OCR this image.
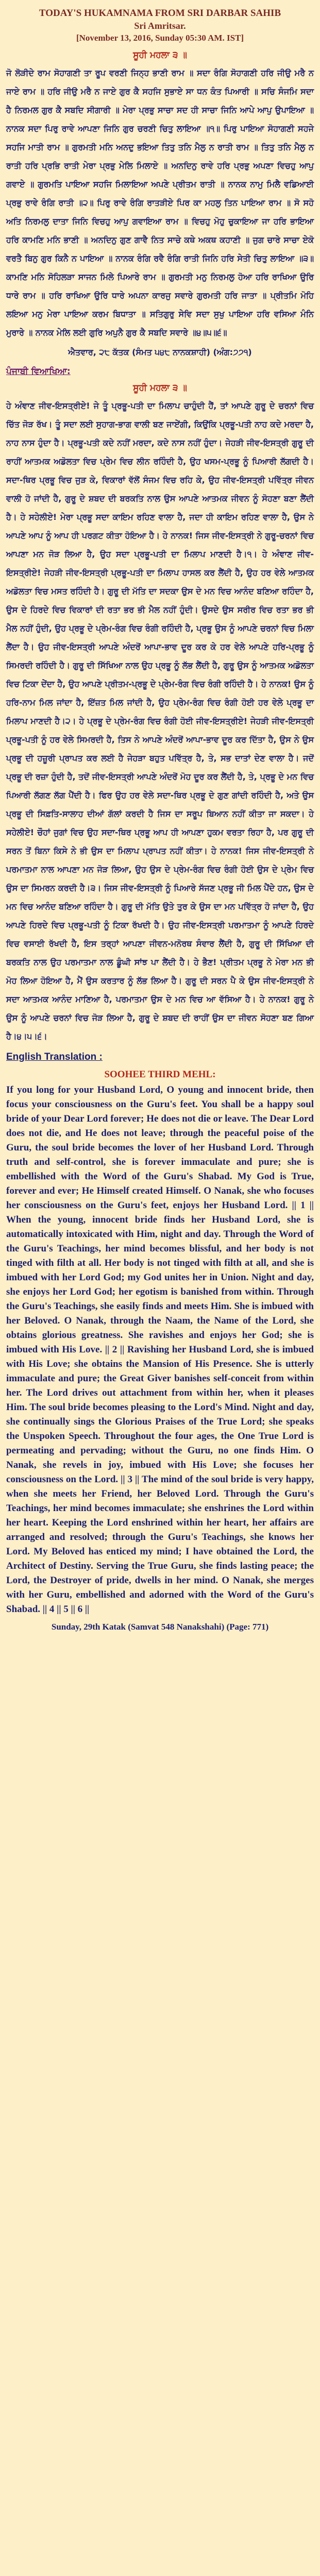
TODAY'S HUKAMNAMA FROM SRI DARBAR SAHIB

Sri Amritsar.

[November 13, 2016, Sunday 05:30 AM. IST]

ਸੂਹੀ ਮਹਲਾ ੩ ॥

ਜੋ ਲੋੜੀਦੇ ਰਾਮ ਸੋਹਾਗਣੀ ਤਾ ਰੂਪ ਵਰਣੀ ਜਿਨ੍ਹ ਭਾਣੀ ਰਾਮ ॥ ਸਦਾ ਰੰਗਿ ਸੋਹਾਗਣੀ ਹਰਿ ਜੀਉ ਮਰੈ ਨ ਜਾਏ ਰਾਮ ॥ ਹਰਿ ਜੀਉ ਮਰੈ ਨ ਜਾਏ ਗੁਰ ਕੈ ਸਹਜਿ ਸੁਭਾਏ ਸਾ ਧਨ ਕੰਤ ਪਿਆਰੀ ॥ ਸਚਿ ਸੰਜਮਿ ਸਦਾ ਹੈ ਨਿਰਮਲ ਗੁਰ ਕੈ ਸਬਦਿ ਸੀਗਾਰੀ ॥ ਮੇਰਾ ਪ੍ਰਭੁ ਸਾਚਾ ਸਦ ਹੀ ਸਾਚਾ ਜਿਨਿ ਆਪੇ ਆਪੁ ਉਪਾਇਆ ॥ ਨਾਨਕ ਸਦਾ ਪਿਰੁ ਰਾਵੇ ਆਪਣਾ ਜਿਨਿ ਗੁਰ ਚਰਣੀ ਚਿਤੁ ਲਾਇਆ ॥੧॥ ਪਿਰੁ ਪਾਇਆ ਸੋਹਾਗਣੀ ਸਹਜੇ ਸਹਜਿ ਮਾਤੀ ਰਾਮ ॥ ਗੁਰਮਤੀ ਮਨਿ ਅਨਦੁ ਭਇਆ ਤਿਤੁ ਤਨਿ ਮੈਲੁ ਨ ਰਾਤੀ ਰਾਮ ॥ ਤਿਤੁ ਤਨਿ ਮੈਲੁ ਨ ਰਾਤੀ ਹਰਿ ਪ੍ਰਭਿ ਰਾਤੀ ਮੇਰਾ ਪ੍ਰਭੁ ਮੇਲਿ ਮਿਲਾਏ ॥ ਅਨਦਿਨੁ ਰਾਵੇ ਹਰਿ ਪ੍ਰਭੁ ਅਪਣਾ ਵਿਚਹੁ ਆਪੁ ਗਵਾਏ ॥ ਗੁਰਮਤਿ ਪਾਇਆ ਸਹਜਿ ਮਿਲਾਇਆ ਅਪਣੇ ਪ੍ਰੀਤਮ ਰਾਤੀ ॥ ਨਾਨਕ ਨਾਮੁ ਮਿਲੈ ਵਡਿਆਈ ਪ੍ਰਭੁ ਰਾਵੇ ਰੰਗਿ ਰਾਤੀ ॥੨॥ ਪਿਰੁ ਰਾਵੇ ਰੰਗਿ ਰਾਤੜੀਏ ਪਿਰ ਕਾ ਮਹਲੁ ਤਿਨ ਪਾਇਆ ਰਾਮ ॥ ਸੋ ਸਹੋ ਅਤਿ ਨਿਰਮਲੁ ਦਾਤਾ ਜਿਨਿ ਵਿਚਹੁ ਆਪੁ ਗਵਾਇਆ ਰਾਮ ॥ ਵਿਚਹੁ ਮੋਹੁ ਚੁਕਾਇਆ ਜਾ ਹਰਿ ਭਾਇਆ ਹਰਿ ਕਾਮਣਿ ਮਨਿ ਭਾਣੀ ॥ ਅਨਦਿਨੁ ਗੁਣ ਗਾਵੈ ਨਿਤ ਸਾਚੇ ਕਥੇ ਅਕਥ ਕਹਾਣੀ ॥ ਜੁਗ ਚਾਰੇ ਸਾਚਾ ਏਕੋ ਵਰਤੈ ਬਿਨੁ ਗੁਰ ਕਿਨੈ ਨ ਪਾਇਆ ॥ ਨਾਨਕ ਰੰਗਿ ਰਵੈ ਰੰਗਿ ਰਾਤੀ ਜਿਨਿ ਹਰਿ ਸੇਤੀ ਚਿਤੁ ਲਾਇਆ ॥੩॥ ਕਾਮਣਿ ਮਨਿ ਸੋਹਿਲੜਾ ਸਾਜਨ ਮਿਲੇ ਪਿਆਰੇ ਰਾਮ ॥ ਗੁਰਮਤੀ ਮਨੁ ਨਿਰਮਲੁ ਹੋਆ ਹਰਿ ਰਾਖਿਆ ਉਰਿ ਧਾਰੇ ਰਾਮ ॥ ਹਰਿ ਰਾਖਿਆ ਉਰਿ ਧਾਰੇ ਅਪਨਾ ਕਾਰਜੁ ਸਵਾਰੇ ਗੁਰਮਤੀ ਹਰਿ ਜਾਤਾ ॥ ਪ੍ਰੀਤਮਿ ਮੋਹਿ ਲਇਆ ਮਨੁ ਮੇਰਾ ਪਾਇਆ ਕਰਮ ਬਿਧਾਤਾ ॥ ਸਤਿਗੁਰੁ ਸੇਵਿ ਸਦਾ ਸੁਖੁ ਪਾਇਆ ਹਰਿ ਵਸਿਆ ਮੰਨਿ ਮੁਰਾਰੇ ॥ ਨਾਨਕ ਮੇਲਿ ਲਈ ਗੁਰਿ ਅਪੁਨੈ ਗੁਰ ਕੈ ਸਬਦਿ ਸਵਾਰੇ ॥੪॥੫॥੬॥

ਐਤਵਾਰ, ੨੮ ਕੱਤਕ (ਸੰਮਤ ੫੪੮ ਨਾਨਕਸ਼ਾਹੀ) (ਅੰਗ:੭੭੧)

ਪੰਜਾਬੀ ਵਿਆਖਿਆ:

ਸੂਹੀ ਮਹਲਾ ੩ ॥

ਹੇ ਅੰਞਾਣ ਜੀਵ-ਇਸਤ੍ਰੀਏ! ਜੇ ਤੂੰ ਪ੍ਰਭੂ-ਪਤੀ ਦਾ ਮਿਲਾਪ ਚਾਹੁੰਦੀ ਹੈਂ, ਤਾਂ ਆਪਣੇ ਗੁਰੂ ਦੇ ਚਰਨਾਂ ਵਿਚ ਚਿੱਤ ਜੋੜ ਰੱਖ। ਤੂੰ ਸਦਾ ਲਈ ਸੁਹਾਗ-ਭਾਗ ਵਾਲੀ ਬਣ ਜਾਏਂਗੀ, ਕਿਉਂਕਿ ਪ੍ਰਭੂ-ਪਤੀ ਨਾਹ ਕਦੇ ਮਰਦਾ ਹੈ, ਨਾਹ ਨਾਸ ਹੁੰਦਾ ਹੈ। ਪ੍ਰਭੂ-ਪਤੀ ਕਦੇ ਨਹੀਂ ਮਰਦਾ, ਕਦੇ ਨਾਸ ਨਹੀਂ ਹੁੰਦਾ। ਜੇਹੜੀ ਜੀਵ-ਇਸਤ੍ਰੀ ਗੁਰੂ ਦੀ ਰਾਹੀਂ ਆਤਮਕ ਅਡੋਲਤਾ ਵਿਚ ਪ੍ਰੇਮ ਵਿਚ ਲੀਨ ਰਹਿੰਦੀ ਹੈ, ਉਹ ਖਸਮ-ਪ੍ਰਭੂ ਨੂੰ ਪਿਆਰੀ ਲੱਗਦੀ ਹੈ। ਸਦਾ-ਥਿਰ ਪ੍ਰਭੂ ਵਿਚ ਜੁੜ ਕੇ, ਵਿਕਾਰਾਂ ਵੱਲੋਂ ਸੰਜਮ ਵਿਚ ਰਹਿ ਕੇ, ਉਹ ਜੀਵ-ਇਸਤ੍ਰੀ ਪਵਿੱਤ੍ਰ ਜੀਵਨ ਵਾਲੀ ਹੋ ਜਾਂਦੀ ਹੈ, ਗੁਰੂ ਦੇ ਸ਼ਬਦ ਦੀ ਬਰਕਤਿ ਨਾਲ ਉਸ ਆਪਣੇ ਆਤਮਕ ਜੀਵਨ ਨੂੰ ਸੋਹਣਾ ਬਣਾ ਲੈਂਦੀ ਹੈ। ਹੇ ਸਹੇਲੀਏ! ਮੇਰਾ ਪ੍ਰਭੂ ਸਦਾ ਕਾਇਮ ਰਹਿਣ ਵਾਲਾ ਹੈ, ਜਦਾ ਹੀ ਕਾਇਮ ਰਹਿਣ ਵਾਲਾ ਹੈ, ਉਸ ਨੇ ਆਪਣੇ ਆਪ ਨੂੰ ਆਪ ਹੀ ਪਰਗਟ ਕੀਤਾ ਹੋਇਆ ਹੈ। ਹੇ ਨਾਨਕ! ਜਿਸ ਜੀਵ-ਇਸਤ੍ਰੀ ਨੇ ਗੁਰੂ-ਚਰਨਾਂ ਵਿਚ ਆਪਣਾ ਮਨ ਜੋੜ ਲਿਆ ਹੈ, ਉਹ ਸਦਾ ਪ੍ਰਭੂ-ਪਤੀ ਦਾ ਮਿਲਾਪ ਮਾਣਦੀ ਹੈ।੧। ਹੇ ਅੰਞਾਣ ਜੀਵ-ਇਸਤ੍ਰੀਏ! ਜੇਹੜੀ ਜੀਵ-ਇਸਤ੍ਰੀ ਪ੍ਰਭੂ-ਪਤੀ ਦਾ ਮਿਲਾਪ ਹਾਸਲ ਕਰ ਲੈਂਦੀ ਹੈ, ਉਹ ਹਰ ਵੇਲੇ ਆਤਮਕ ਅਡੋਲਤਾ ਵਿਚ ਮਸਤ ਰਹਿੰਦੀ ਹੈ। ਗੁਰੂ ਦੀ ਮੱਤਿ ਦਾ ਸਦਕਾ ਉਸ ਦੇ ਮਨ ਵਿਚ ਆਨੰਦ ਬਣਿਆ ਰਹਿੰਦਾ ਹੈ, ਉਸ ਦੇ ਹਿਰਦੇ ਵਿਚ ਵਿਕਾਰਾਂ ਦੀ ਰਤਾ ਭਰ ਭੀ ਮੈਲ ਨਹੀਂ ਹੁੰਦੀ। ਉਸਦੇ ਉਸ ਸਰੀਰ ਵਿਚ ਰਤਾ ਭਰ ਭੀ ਮੈਲ ਨਹੀਂ ਹੁੰਦੀ, ਉਹ ਪ੍ਰਭੂ ਦੇ ਪ੍ਰੇਮ-ਰੰਗ ਵਿਚ ਰੰਗੀ ਰਹਿੰਦੀ ਹੈ, ਪ੍ਰਭੂ ਉਸ ਨੂੰ ਆਪਣੇ ਚਰਨਾਂ ਵਿਚ ਮਿਲਾ ਲੈਂਦਾ ਹੈ। ਉਹ ਜੀਵ-ਇਸਤ੍ਰੀ ਆਪਣੇ ਅੰਦਰੋਂ ਆਪਾ-ਭਾਵ ਦੂਰ ਕਰ ਕੇ ਹਰ ਵੇਲੇ ਆਪਣੇ ਹਰਿ-ਪ੍ਰਭੂ ਨੂੰ ਸਿਮਰਦੀ ਰਹਿੰਦੀ ਹੈ। ਗੁਰੂ ਦੀ ਸਿੱਖਿਆ ਨਾਲ ਉਹ ਪ੍ਰਭੂ ਨੂੰ ਲੱਭ ਲੈਂਦੀ ਹੈ, ਗੁਰੂ ਉਸ ਨੂੰ ਆਤਮਕ ਅਡੋਲਤਾ ਵਿਚ ਟਿਕਾ ਦੇਂਦਾ ਹੈ, ਉਹ ਆਪਣੇ ਪ੍ਰੀਤਮ-ਪ੍ਰਭੂ ਦੇ ਪ੍ਰੇਮ-ਰੰਗ ਵਿਚ ਰੰਗੀ ਰਹਿੰਦੀ ਹੈ। ਹੇ ਨਾਨਕ! ਉਸ ਨੂੰ ਹਰਿ-ਨਾਮ ਮਿਲ ਜਾਂਦਾ ਹੈ, ਇੱਜ਼ਤ ਮਿਲ ਜਾਂਦੀ ਹੈ, ਉਹ ਪ੍ਰੇਮ-ਰੰਗ ਵਿਚ ਰੰਗੀ ਹੋਈ ਹਰ ਵੇਲੇ ਪ੍ਰਭੂ ਦਾ ਮਿਲਾਪ ਮਾਣਦੀ ਹੈ।੨। ਹੇ ਪ੍ਰਭੂ ਦੇ ਪ੍ਰੇਮ-ਰੰਗ ਵਿਚ ਰੰਗੀ ਹੋਈ ਜੀਵ-ਇਸਤ੍ਰੀਏ! ਜੇਹੜੀ ਜੀਵ-ਇਸਤ੍ਰੀ ਪ੍ਰਭੂ-ਪਤੀ ਨੂੰ ਹਰ ਵੇਲੇ ਸਿਮਰਦੀ ਹੈ, ਤਿਸ ਨੇ ਆਪਣੇ ਅੰਦਰੋਂ ਆਪਾ-ਭਾਵ ਦੂਰ ਕਰ ਦਿੱਤਾ ਹੈ, ਉਸ ਨੇ ਉਸ ਪ੍ਰਭੂ ਦੀ ਹਜ਼ੂਰੀ ਪ੍ਰਾਪਤ ਕਰ ਲਈ ਹੈ ਜੇਹੜਾ ਬਹੁਤ ਪਵਿੱਤ੍ਰ ਹੈ, ਤੇ, ਸਭ ਦਾਤਾਂ ਦੇਣ ਵਾਲਾ ਹੈ। ਜਦੋਂ ਪ੍ਰਭੂ ਦੀ ਰਜ਼ਾ ਹੁੰਦੀ ਹੈ, ਤਦੋਂ ਜੀਵ-ਇਸਤ੍ਰੀ ਆਪਣੇ ਅੰਦਰੋਂ ਮੋਹ ਦੂਰ ਕਰ ਲੈਂਦੀ ਹੈ, ਤੇ, ਪ੍ਰਭੂ ਦੇ ਮਨ ਵਿਚ ਪਿਆਰੀ ਲੱਗਣ ਲੱਗ ਪੈਂਦੀ ਹੈ। ਫਿਰ ਉਹ ਹਰ ਵੇਲੇ ਸਦਾ-ਥਿਰ ਪ੍ਰਭੂ ਦੇ ਗੁਣ ਗਾਂਦੀ ਰਹਿੰਦੀ ਹੈ, ਅਤੇ ਉਸ ਪ੍ਰਭੂ ਦੀ ਸਿਫ਼ਤਿ-ਸਾਲਾਹ ਦੀਆਂ ਗੱਲਾਂ ਕਰਦੀ ਹੈ ਜਿਸ ਦਾ ਸਰੂਪ ਬਿਆਨ ਨਹੀਂ ਕੀਤਾ ਜਾ ਸਕਦਾ। ਹੇ ਸਹੇਲੀਏ! ਚੌਹਾਂ ਜੁਗਾਂ ਵਿਚ ਉਹ ਸਦਾ-ਥਿਰ ਪ੍ਰਭੂ ਆਪ ਹੀ ਆਪਣਾ ਹੁਕਮ ਵਰਤਾ ਰਿਹਾ ਹੈ, ਪਰ ਗੁਰੂ ਦੀ ਸਰਨ ਤੋਂ ਬਿਨਾ ਕਿਸੇ ਨੇ ਭੀ ਉਸ ਦਾ ਮਿਲਾਪ ਪ੍ਰਾਪਤ ਨਹੀਂ ਕੀਤਾ। ਹੇ ਨਾਨਕ! ਜਿਸ ਜੀਵ-ਇਸਤ੍ਰੀ ਨੇ ਪਰਮਾਤਮਾ ਨਾਲ ਆਪਣਾ ਮਨ ਜੋੜ ਲਿਆ, ਉਹ ਉਸ ਦੇ ਪ੍ਰੇਮ-ਰੰਗ ਵਿਚ ਰੰਗੀ ਹੋਈ ਉਸ ਦੇ ਪ੍ਰੇਮ ਵਿਚ ਉਸ ਦਾ ਸਿਮਰਨ ਕਰਦੀ ਹੈ।੩। ਜਿਸ ਜੀਵ-ਇਸਤ੍ਰੀ ਨੂੰ ਪਿਆਰੇ ਸੱਜਣ ਪ੍ਰਭੂ ਜੀ ਮਿਲ ਪੈਂਦੇ ਹਨ, ਉਸ ਦੇ ਮਨ ਵਿਚ ਆਨੰਦ ਬਣਿਆ ਰਹਿੰਦਾ ਹੈ। ਗੁਰੂ ਦੀ ਮੱਤਿ ਉਤੇ ਤੁਰ ਕੇ ਉਸ ਦਾ ਮਨ ਪਵਿੱਤ੍ਰ ਹੋ ਜਾਂਦਾ ਹੈ, ਉਹ ਆਪਣੇ ਹਿਰਦੇ ਵਿਚ ਪ੍ਰਭੂ-ਪਤੀ ਨੂੰ ਟਿਕਾ ਰੱਖਦੀ ਹੈ। ਉਹ ਜੀਵ-ਇਸਤ੍ਰੀ ਪਰਮਾਤਮਾ ਨੂੰ ਆਪਣੇ ਹਿਰਦੇ ਵਿਚ ਵਸਾਈ ਰੱਖਦੀ ਹੈ, ਇਸ ਤਰ੍ਹਾਂ ਆਪਣਾ ਜੀਵਨ-ਮਨੋਰਥ ਸੰਵਾਰ ਲੈਂਦੀ ਹੈ, ਗੁਰੂ ਦੀ ਸਿੱਖਿਆ ਦੀ ਬਰਕਤਿ ਨਾਲ ਉਹ ਪਰਮਾਤਮਾ ਨਾਲ ਡੂੰਘੀ ਸਾਂਝ ਪਾ ਲੈਂਦੀ ਹੈ। ਹੇ ਭੈਣ! ਪ੍ਰੀਤਮ ਪ੍ਰਭੂ ਨੇ ਮੇਰਾ ਮਨ ਭੀ ਮੋਹ ਲਿਆ ਹੋਇਆ ਹੈ, ਮੈਂ ਉਸ ਕਰਤਾਰ ਨੂੰ ਲੱਭ ਲਿਆ ਹੈ। ਗੁਰੂ ਦੀ ਸਰਨ ਪੈ ਕੇ ਉਸ ਜੀਵ-ਇਸਤ੍ਰੀ ਨੇ ਸਦਾ ਆਤਮਕ ਆਨੰਦ ਮਾਣਿਆ ਹੈ, ਪਰਮਾਤਮਾ ਉਸ ਦੇ ਮਨ ਵਿਚ ਆ ਵੱਸਿਆ ਹੈ। ਹੇ ਨਾਨਕ! ਗੁਰੂ ਨੇ ਉਸ ਨੂੰ ਆਪਣੇ ਚਰਨਾਂ ਵਿਚ ਜੋੜ ਲਿਆ ਹੈ, ਗੁਰੂ ਦੇ ਸ਼ਬਦ ਦੀ ਰਾਹੀਂ ਉਸ ਦਾ ਜੀਵਨ ਸੋਹਣਾ ਬਣ ਗਿਆ ਹੈ।੪।੫।੬।

English Translation :

SOOHEE THIRD MEHL:

If you long for your Husband Lord, O young and innocent bride, then focus your consciousness on the Guru's feet. You shall be a happy soul bride of your Dear Lord forever; He does not die or leave. The Dear Lord does not die, and He does not leave; through the peaceful poise of the Guru, the soul bride becomes the lover of her Husband Lord. Through truth and self-control, she is forever immaculate and pure; she is embellished with the Word of the Guru's Shabad. My God is True, forever and ever; He Himself created Himself. O Nanak, she who focuses her consciousness on the Guru's feet, enjoys her Husband Lord. || 1 || When the young, innocent bride finds her Husband Lord, she is automatically intoxicated with Him, night and day. Through the Word of the Guru's Teachings, her mind becomes blissful, and her body is not tinged with filth at all. Her body is not tinged with filth at all, and she is imbued with her Lord God; my God unites her in Union. Night and day, she enjoys her Lord God; her egotism is banished from within. Through the Guru's Teachings, she easily finds and meets Him. She is imbued with her Beloved. O Nanak, through the Naam, the Name of the Lord, she obtains glorious greatness. She ravishes and enjoys her God; she is imbued with His Love. || 2 || Ravishing her Husband Lord, she is imbued with His Love; she obtains the Mansion of His Presence. She is utterly immaculate and pure; the Great Giver banishes self-conceit from within her. The Lord drives out attachment from within her, when it pleases Him. The soul bride becomes pleasing to the Lord's Mind. Night and day, she continually sings the Glorious Praises of the True Lord; she speaks the Unspoken Speech. Throughout the four ages, the One True Lord is permeating and pervading; without the Guru, no one finds Him. O Nanak, she revels in joy, imbued with His Love; she focuses her consciousness on the Lord. || 3 || The mind of the soul bride is very happy, when she meets her Friend, her Beloved Lord. Through the Guru's Teachings, her mind becomes immaculate; she enshrines the Lord within her heart. Keeping the Lord enshrined within her heart, her affairs are arranged and resolved; through the Guru's Teachings, she knows her Lord. My Beloved has enticed my mind; I have obtained the Lord, the Architect of Destiny. Serving the True Guru, she finds lasting peace; the Lord, the Destroyer of pride, dwells in her mind. O Nanak, she merges with her Guru, embellished and adorned with the Word of the Guru's Shabad. || 4 || 5 || 6 ||

Sunday, 29th Katak (Samvat 548 Nanakshahi) (Page: 771)
